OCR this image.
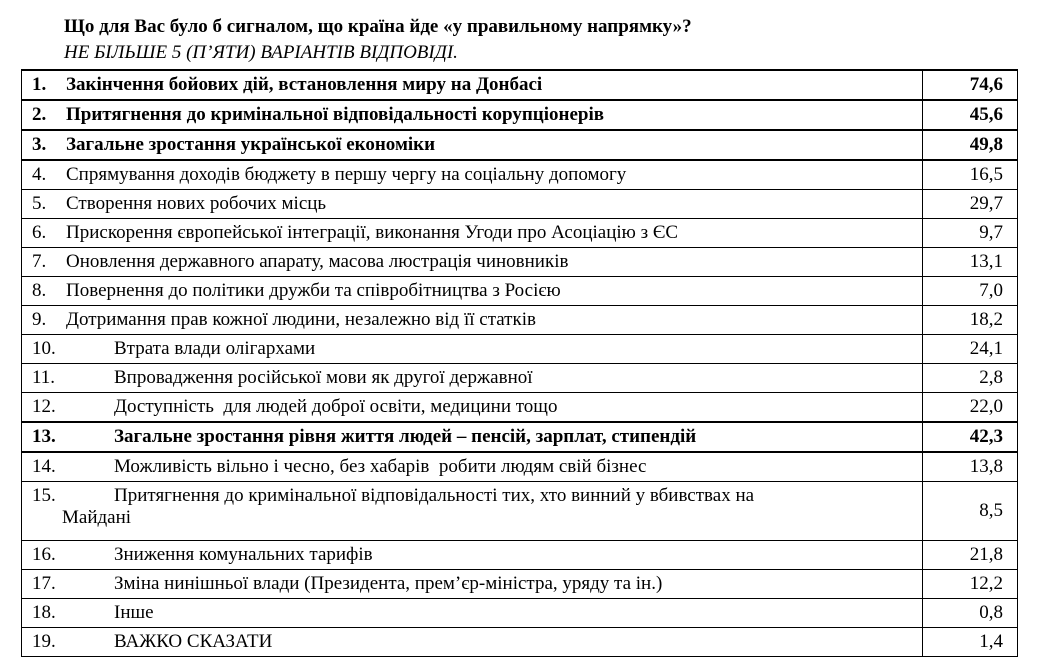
Що для Вас було б сигналом, що країна йде «у правильному напрямку»?
НЕ БІЛЬШЕ 5 (П’ЯТИ) ВАРІАНТІВ ВІДПОВІДІ.
1. Закінчення бойових дій, встановлення миру на Донбасі	74,6
2. Притягнення до кримінальної відповідальності корупціонерів	45,6
3. Загальне зростання української економіки	49,8
4. Спрямування доходів бюджету в першу чергу на соціальну допомогу	16,5
5. Створення нових робочих місць	29,7
6. Прискорення європейської інтеграції, виконання Угоди про Асоціацію з ЄС	9,7
7. Оновлення державного апарату, масова люстрація чиновників	13,1
8. Повернення до політики дружби та співробітництва з Росією	7,0
9. Дотримання прав кожної людини, незалежно від її статків	18,2
10. Втрата влади олігархами	24,1
11. Впровадження російської мови як другої державної	2,8
12. Доступність  для людей доброї освіти, медицини тощо	22,0
13. Загальне зростання рівня життя людей – пенсій, зарплат, стипендій	42,3
14. Можливість вільно і чесно, без хабарів  робити людям свій бізнес	13,8
15. Притягнення до кримінальної відповідальності тих, хто винний у вбивствах на
Майдані	8,5
16. Зниження комунальних тарифів	21,8
17. Зміна нинішньої влади (Президента, прем’єр-міністра, уряду та ін.)	12,2
18. Інше	0,8
19. ВАЖКО СКАЗАТИ	1,4
